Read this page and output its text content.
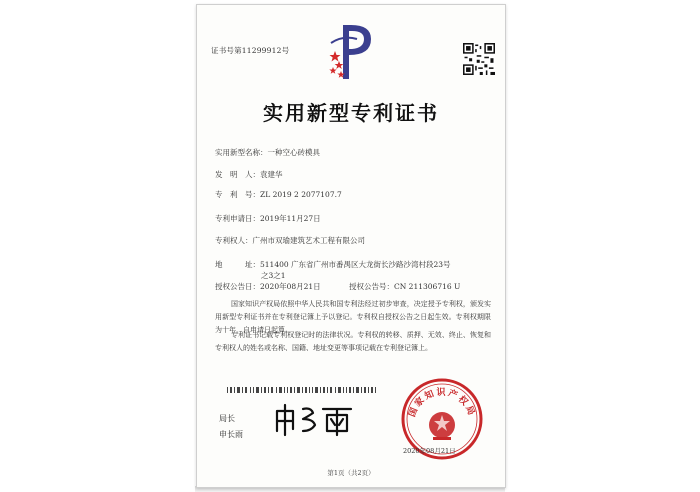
证书号第11299912号
实用新型专利证书
实用新型名称：一种空心砖模具
发　明　人：袁建华
专　利　号：ZL 2019 2 2077107.7
专利申请日：2019年11月27日
专利权人：广州市双瑜建筑艺术工程有限公司
地　　　址：511400 广东省广州市番禺区大龙街长沙路沙湾村段23号
之3之1
授权公告日：2020年08月21日	授权公告号：CN 211306716 U
国家知识产权局依照中华人民共和国专利法经过初步审查，决定授予专利权，颁发实用新型专利证书并在专利登记簿上予以登记。专利权自授权公告之日起生效。专利权期限为十年，自申请日起算。
专利证书记载专利权登记时的法律状况。专利权的转移、质押、无效、终止、恢复和专利权人的姓名或名称、国籍、地址变更等事项记载在专利登记簿上。
局长
申长雨
国家知识产权局
2020年08月21日
第1页（共2页）
